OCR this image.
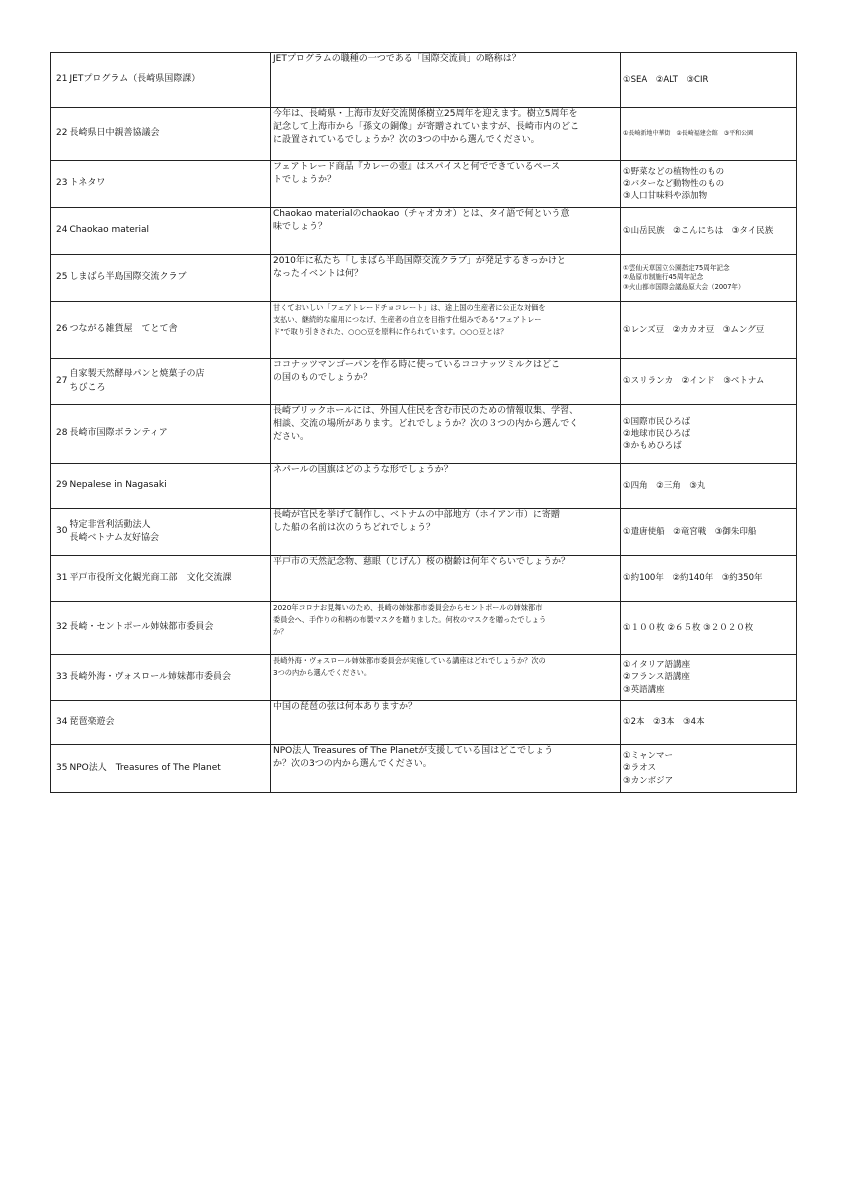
21	JETプログラム（長崎県国際課）	JETプログラムの職種の一つである「国際交流員」の略称は？	①SEA　②ALT　③CIR

22	長崎県日中親善協議会	今年は、長崎県・上海市友好交流関係樹立25周年を迎えます。樹立5周年を
記念して上海市から「孫文の銅像」が寄贈されていますが、長崎市内のどこ
に設置されているでしょうか？次の3つの中から選んでください。	①長崎新地中華街　②長崎福建会館　③平和公園

23	トネタワ	フェアトレード商品『カレーの壺』はスパイスと何でできているペース
トでしょうか？	①野菜などの植物性のもの
②バターなど動物性のもの
③人口甘味料や添加物

24	Chaokao material	Chaokao materialのchaokao（チャオカオ）とは、タイ語で何という意
味でしょう？	①山岳民族　②こんにちは　③タイ民族

25	しまばら半島国際交流クラブ	2010年に私たち「しまばら半島国際交流クラブ」が発足するきっかけと
なったイベントは何？	①雲仙天草国立公園指定75周年記念
②島原市制施行45周年記念
③火山都市国際会議島原大会（2007年）

26	つながる雑貨屋　てとて舎	甘くておいしい「フェアトレードチョコレート」は、途上国の生産者に公正な対価を
支払い、継続的な雇用につなげ、生産者の自立を目指す仕組みである"フェアトレー
ド"で取り引きされた、○○○豆を原料に作られています。○○○豆とは？	①レンズ豆　②カカオ豆　③ムング豆

27	自家製天然酵母パンと焼菓子の店
ちびころ	ココナッツマンゴーパンを作る時に使っているココナッツミルクはどこ
の国のものでしょうか？	①スリランカ　②インド　③ベトナム

28	長崎市国際ボランティア	長崎ブリックホールには、外国人住民を含む市民のための情報収集、学習、
相談、交流の場所があります。どれでしょうか？次の３つの内から選んでく
ださい。	①国際市民ひろば
②地球市民ひろば
③かもめひろば

29	Nepalese in Nagasaki	ネパールの国旗はどのような形でしょうか？	①四角　②三角　③丸

30	特定非営利活動法人
長崎ベトナム友好協会	長崎が官民を挙げて制作し、ベトナムの中部地方（ホイアン市）に寄贈
した船の名前は次のうちどれでしょう？	①遣唐使船　②竜宮戦　③御朱印船

31	平戸市役所文化観光商工部　文化交流課	平戸市の天然記念物、慈眼（じげん）桜の樹齢は何年ぐらいでしょうか？	①約100年　②約140年　③約350年

32	長崎・セントポール姉妹都市委員会	2020年コロナお見舞いのため、長崎の姉妹都市委員会からセントポールの姉妹都市
委員会へ、手作りの和柄の布製マスクを贈りました。何枚のマスクを贈ったでしょう
か？	①１００枚 ②６５枚 ③２０２０枚

33	長崎外海・ヴォスロール姉妹都市委員会	長崎外海・ヴォスロール姉妹都市委員会が実施している講座はどれでしょうか？次の
3つの内から選んでください。	①イタリア語講座
②フランス語講座
③英語講座

34	琵琶楽遊会	中国の琵琶の弦は何本ありますか？	①2本　②3本　③4本

35	NPO法人　Treasures of The Planet	NPO法人 Treasures of The Planetが支援している国はどこでしょう
か？次の3つの内から選んでください。	①ミャンマー
②ラオス
③カンボジア
